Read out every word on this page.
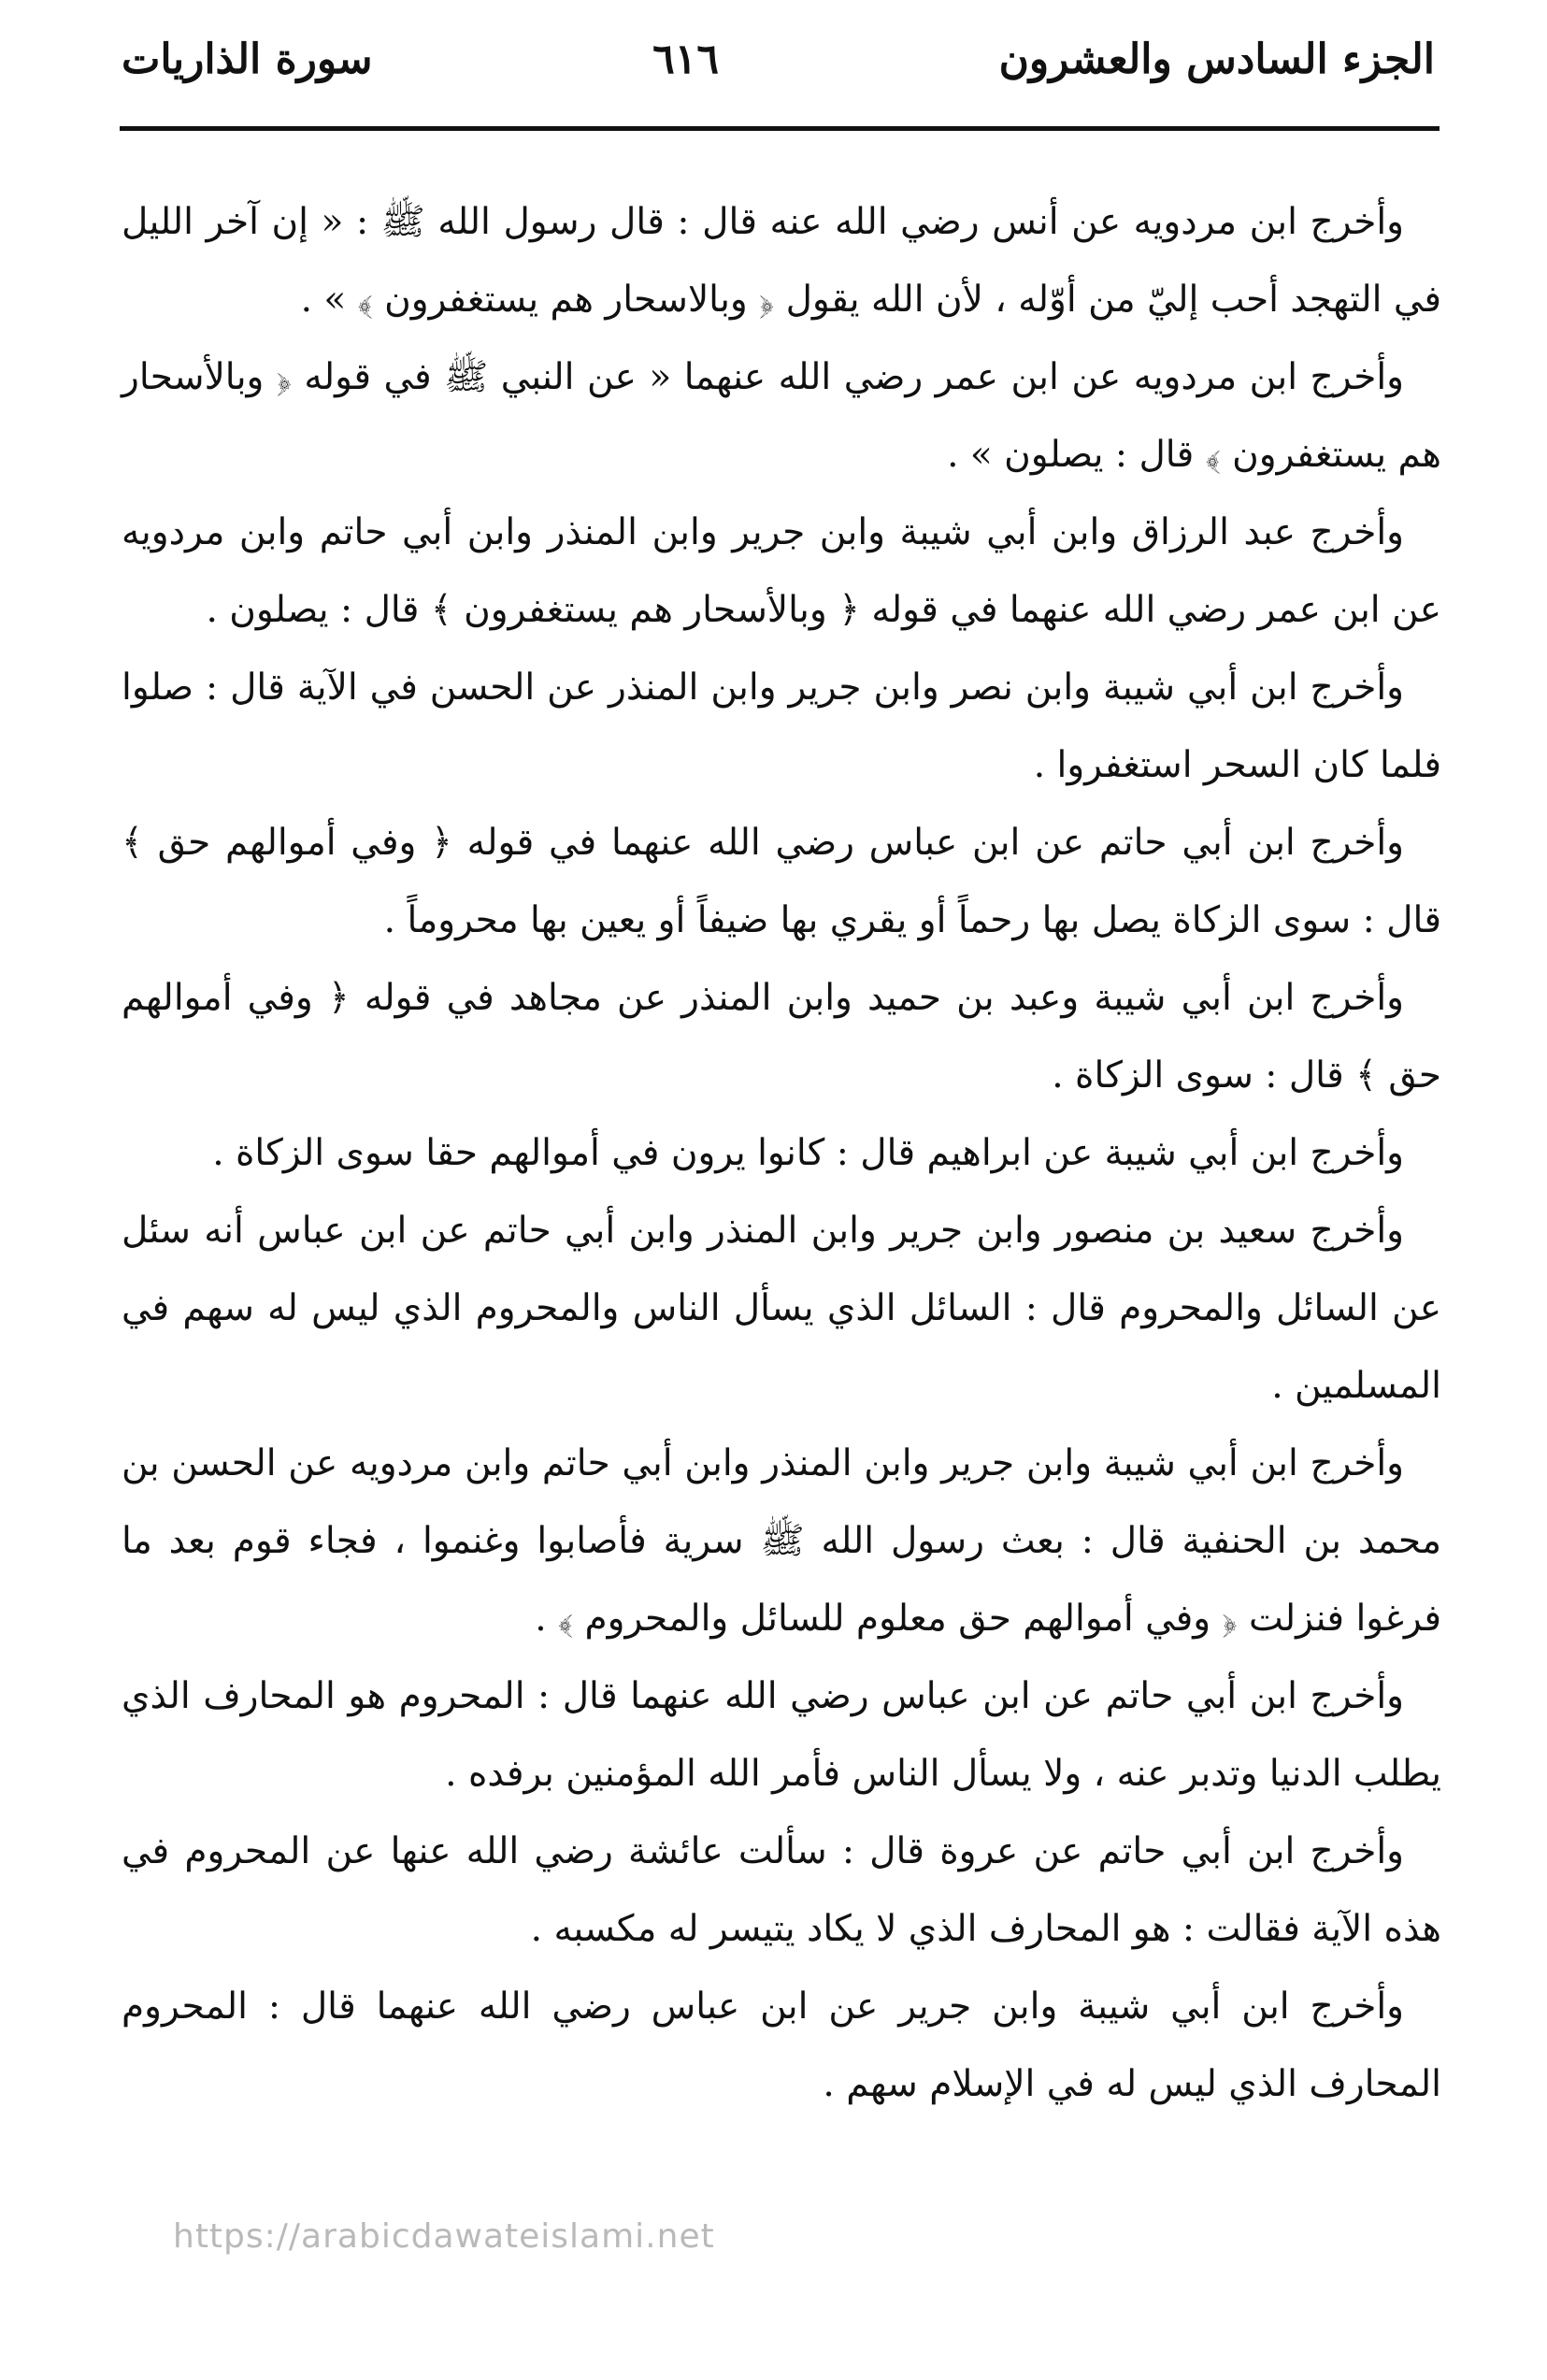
الجزء السادس والعشرون
٦١٦
سورة الذاريات

وأخرج ابن مردويه عن أنس رضي الله عنه قال : قال رسول الله ﷺ : « إن آخر الليل في التهجد أحب إليّ من أوّله ، لأن الله يقول ﴿ وبالاسحار هم يستغفرون ﴾ » .

وأخرج ابن مردويه عن ابن عمر رضي الله عنهما « عن النبي ﷺ في قوله ﴿ وبالأسحار هم يستغفرون ﴾ قال : يصلون » .

وأخرج عبد الرزاق وابن أبي شيبة وابن جرير وابن المنذر وابن أبي حاتم وابن مردويه عن ابن عمر رضي الله عنهما في قوله ﴿ وبالأسحار هم يستغفرون ﴾ قال : يصلون .

وأخرج ابن أبي شيبة وابن نصر وابن جرير وابن المنذر عن الحسن في الآية قال : صلوا فلما كان السحر استغفروا .

وأخرج ابن أبي حاتم عن ابن عباس رضي الله عنهما في قوله ﴿ وفي أموالهم حق ﴾ قال : سوى الزكاة يصل بها رحماً أو يقري بها ضيفاً أو يعين بها محروماً .

وأخرج ابن أبي شيبة وعبد بن حميد وابن المنذر عن مجاهد في قوله ﴿ وفي أموالهم حق ﴾ قال : سوى الزكاة .

وأخرج ابن أبي شيبة عن ابراهيم قال : كانوا يرون في أموالهم حقا سوى الزكاة .

وأخرج سعيد بن منصور وابن جرير وابن المنذر وابن أبي حاتم عن ابن عباس أنه سئل عن السائل والمحروم قال : السائل الذي يسأل الناس والمحروم الذي ليس له سهم في المسلمين .

وأخرج ابن أبي شيبة وابن جرير وابن المنذر وابن أبي حاتم وابن مردويه عن الحسن بن محمد بن الحنفية قال : بعث رسول الله ﷺ سرية فأصابوا وغنموا ، فجاء قوم بعد ما فرغوا فنزلت ﴿ وفي أموالهم حق معلوم للسائل والمحروم ﴾ .

وأخرج ابن أبي حاتم عن ابن عباس رضي الله عنهما قال : المحروم هو المحارف الذي يطلب الدنيا وتدبر عنه ، ولا يسأل الناس فأمر الله المؤمنين برفده .

وأخرج ابن أبي حاتم عن عروة قال : سألت عائشة رضي الله عنها عن المحروم في هذه الآية فقالت : هو المحارف الذي لا يكاد يتيسر له مكسبه .

وأخرج ابن أبي شيبة وابن جرير عن ابن عباس رضي الله عنهما قال : المحروم المحارف الذي ليس له في الإسلام سهم .

https://arabicdawateislami.net
